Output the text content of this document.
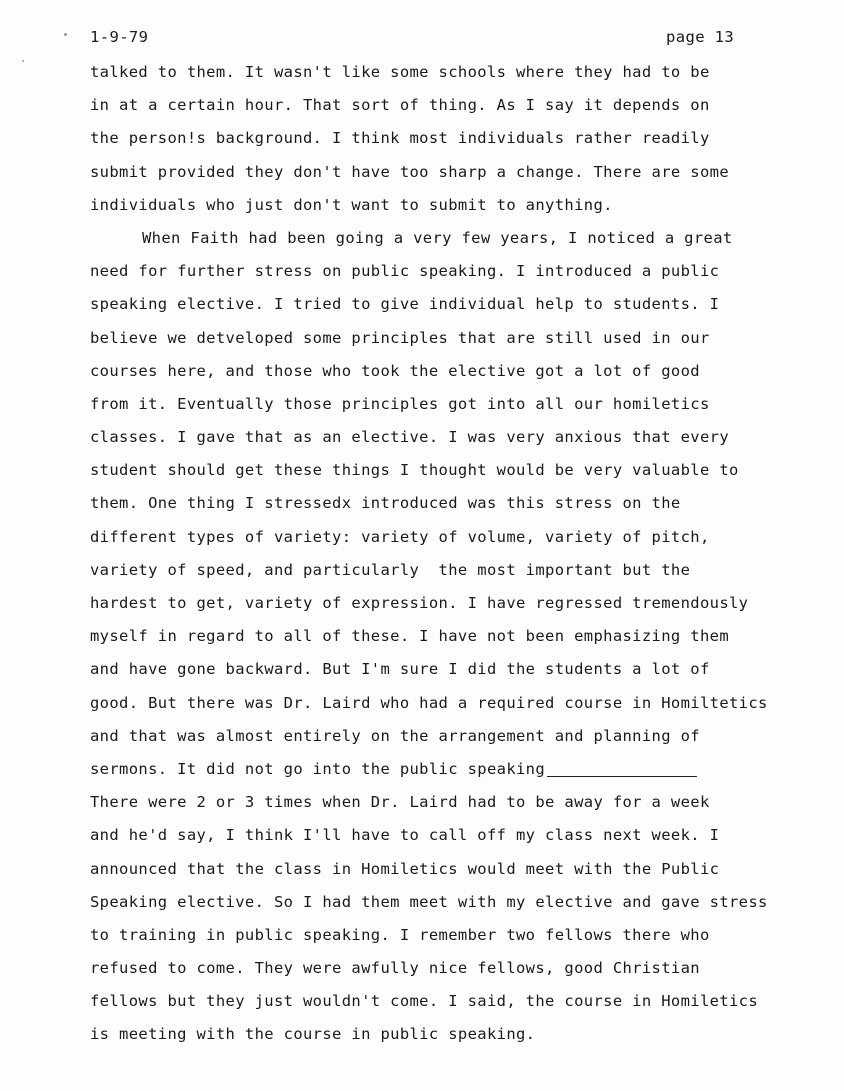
1-9-79	page 13
talked to them. It wasn't like some schools where they had to be
in at a certain hour. That sort of thing. As I say it depends on
the person!s background. I think most individuals rather readily
submit provided they don't have too sharp a change. There are some
individuals who just don't want to submit to anything.
When Faith had been going a very few years, I noticed a great
need for further stress on public speaking. I introduced a public
speaking elective. I tried to give individual help to students. I
believe we detveloped some principles that are still used in our
courses here, and those who took the elective got a lot of good
from it. Eventually those principles got into all our homiletics
classes. I gave that as an elective. I was very anxious that every
student should get these things I thought would be very valuable to
them. One thing I stressedx introduced was this stress on the
different types of variety: variety of volume, variety of pitch,
variety of speed, and particularly  the most important but the
hardest to get, variety of expression. I have regressed tremendously
myself in regard to all of these. I have not been emphasizing them
and have gone backward. But I'm sure I did the students a lot of
good. But there was Dr. Laird who had a required course in Homiltetics
and that was almost entirely on the arrangement and planning of
sermons. It did not go into the public speaking
There were 2 or 3 times when Dr. Laird had to be away for a week
and he'd say, I think I'll have to call off my class next week. I
announced that the class in Homiletics would meet with the Public
Speaking elective. So I had them meet with my elective and gave stress
to training in public speaking. I remember two fellows there who
refused to come. They were awfully nice fellows, good Christian
fellows but they just wouldn't come. I said, the course in Homiletics
is meeting with the course in public speaking.
